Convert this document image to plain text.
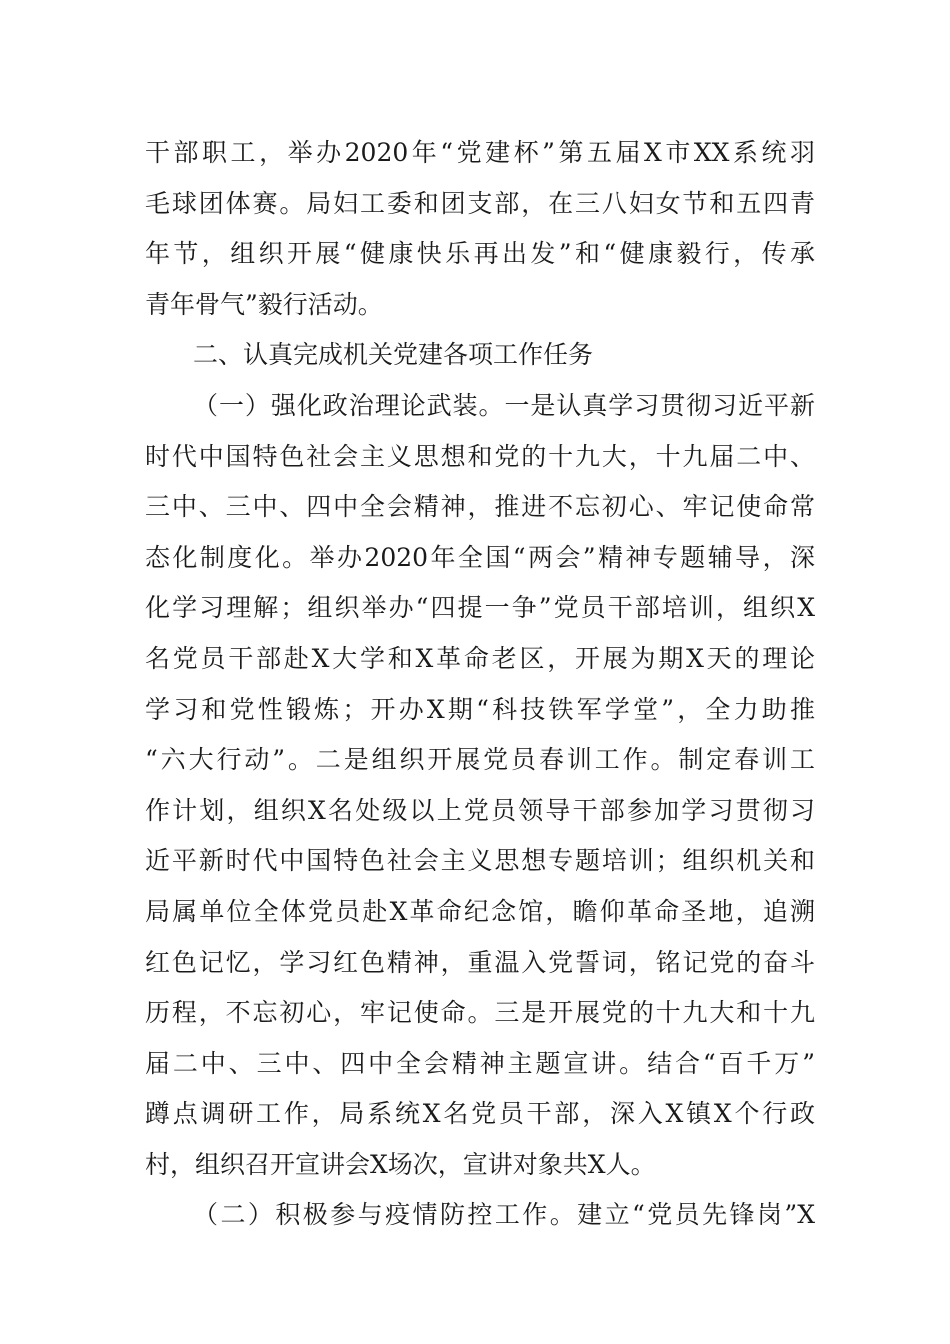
干部职工，举办2020年“党建杯”第五届X市XX系统羽
毛球团体赛。局妇工委和团支部，在三八妇女节和五四青
年节，组织开展“健康快乐再出发”和“健康毅行，传承
青年骨气”毅行活动。
二、认真完成机关党建各项工作任务
（一）强化政治理论武装。一是认真学习贯彻习近平新
时代中国特色社会主义思想和党的十九大，十九届二中、
三中、三中、四中全会精神，推进不忘初心、牢记使命常
态化制度化。举办2020年全国“两会”精神专题辅导，深
化学习理解；组织举办“四提一争”党员干部培训，组织X
名党员干部赴X大学和X革命老区，开展为期X天的理论
学习和党性锻炼；开办X期“科技铁军学堂”，全力助推
“六大行动”。二是组织开展党员春训工作。制定春训工
作计划，组织X名处级以上党员领导干部参加学习贯彻习
近平新时代中国特色社会主义思想专题培训；组织机关和
局属单位全体党员赴X革命纪念馆，瞻仰革命圣地，追溯
红色记忆，学习红色精神，重温入党誓词，铭记党的奋斗
历程，不忘初心，牢记使命。三是开展党的十九大和十九
届二中、三中、四中全会精神主题宣讲。结合“百千万”
蹲点调研工作，局系统X名党员干部，深入X镇X个行政
村，组织召开宣讲会X场次，宣讲对象共X人。
（二）积极参与疫情防控工作。建立“党员先锋岗”X
